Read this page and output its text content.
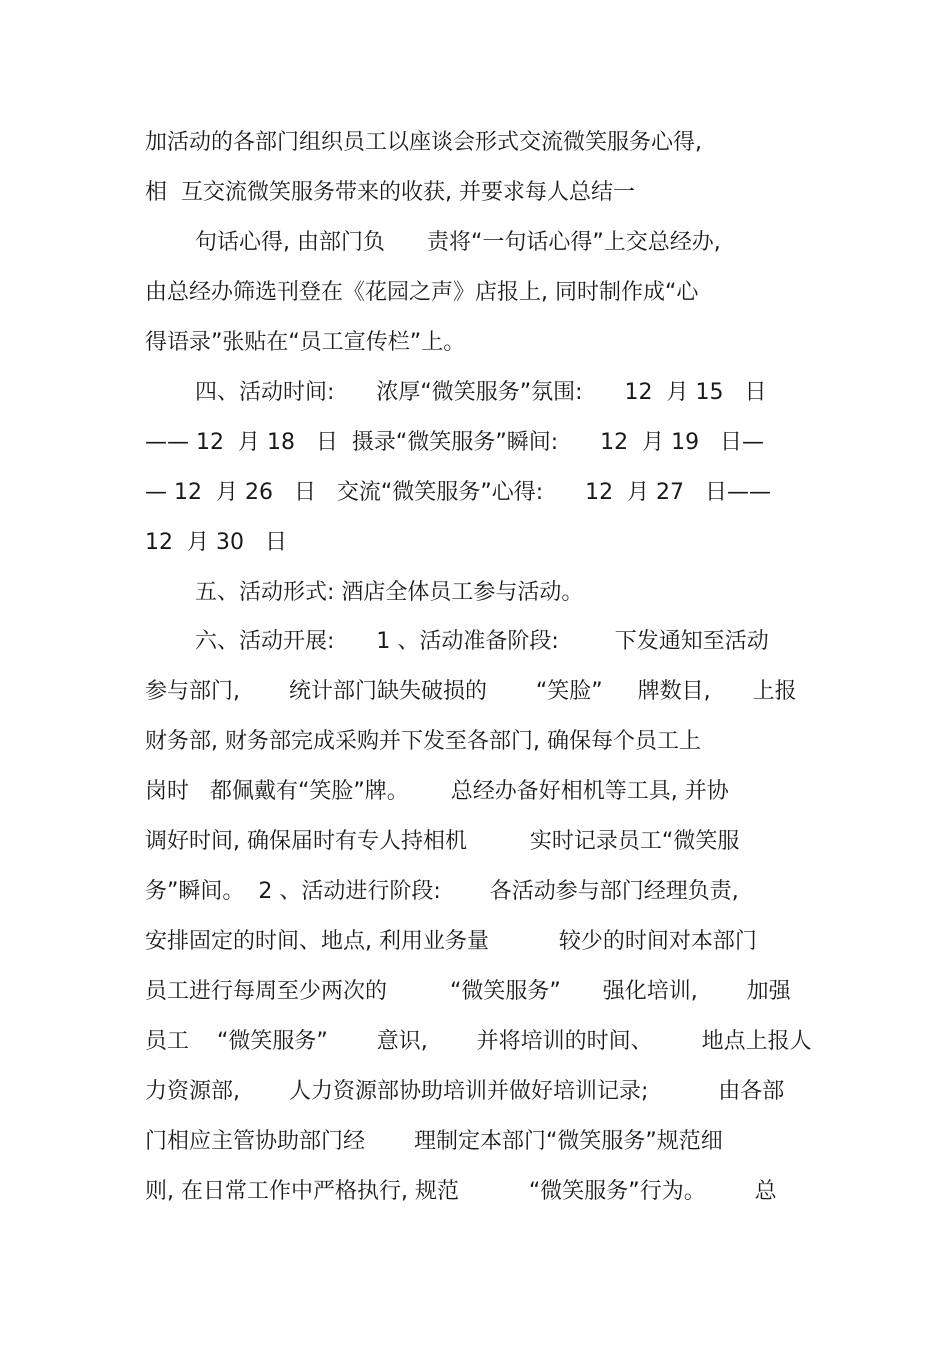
加活动的各部门组织员工以座谈会形式交流微笑服务心得,
相  互交流微笑服务带来的收获, 并要求每人总结一
句话心得, 由部门负      责将“一句话心得”上交总经办,
由总经办筛选刊登在《花园之声》店报上, 同时制作成“心
得语录”张贴在“员工宣传栏”上。
四、活动时间:      浓厚“微笑服务”氛围:      12  月 15   日
—— 12  月 18   日  摄录“微笑服务”瞬间:      12  月 19   日—
— 12  月 26   日   交流“微笑服务”心得:      12  月 27   日——
12  月 30   日
五、活动形式: 酒店全体员工参与活动。
六、活动开展:      1 、活动准备阶段:        下发通知至活动
参与部门,       统计部门缺失破损的       “笑脸”     牌数目,      上报
财务部, 财务部完成采购并下发至各部门, 确保每个员工上
岗时   都佩戴有“笑脸”牌。      总经办备好相机等工具, 并协
调好时间, 确保届时有专人持相机         实时记录员工“微笑服
务”瞬间。  2 、活动进行阶段:       各活动参与部门经理负责,
安排固定的时间、地点, 利用业务量          较少的时间对本部门
员工进行每周至少两次的         “微笑服务”      强化培训,       加强
员工    “微笑服务”       意识,       并将培训的时间、       地点上报人
力资源部,       人力资源部协助培训并做好培训记录;          由各部
门相应主管协助部门经       理制定本部门“微笑服务”规范细
则, 在日常工作中严格执行, 规范          “微笑服务”行为。       总
